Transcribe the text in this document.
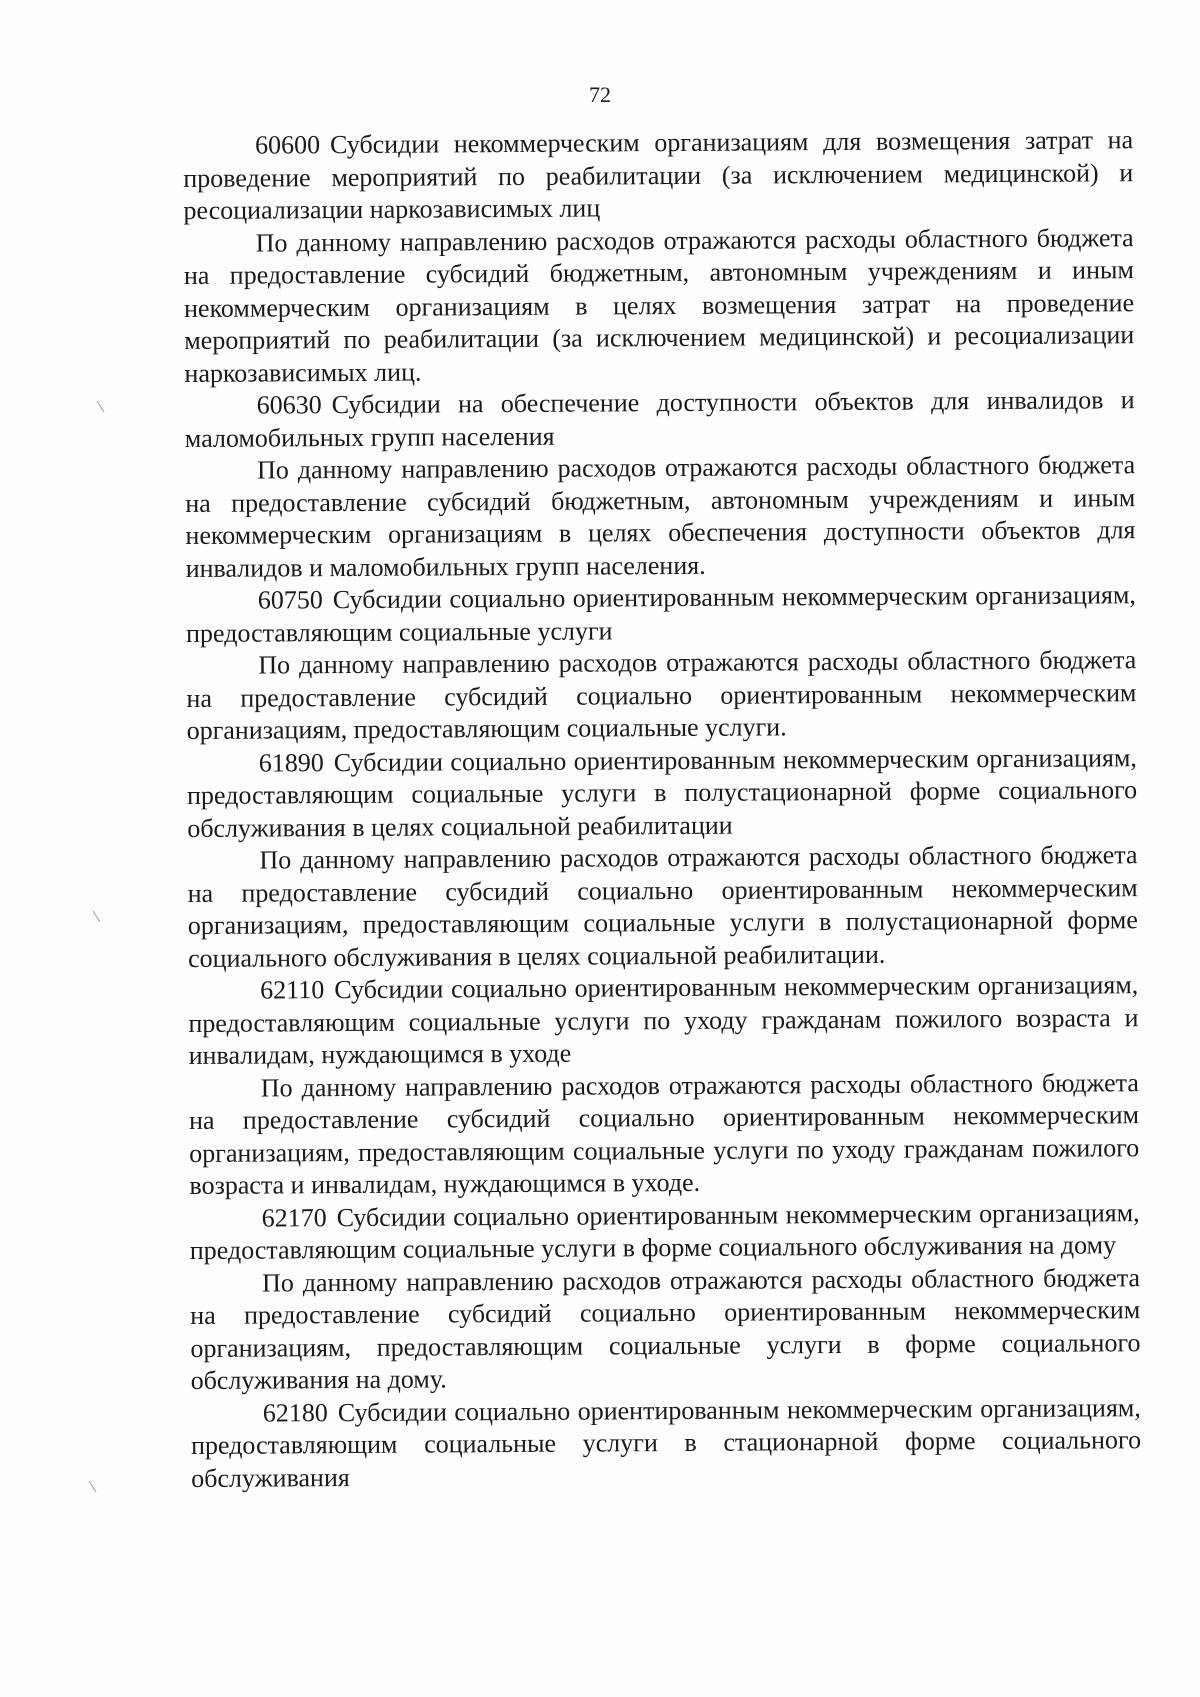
72

60600 Субсидии некоммерческим организациям для возмещения затрат на проведение мероприятий по реабилитации (за исключением медицинской) и ресоциализации наркозависимых лиц

По данному направлению расходов отражаются расходы областного бюджета на предоставление субсидий бюджетным, автономным учреждениям и иным некоммерческим организациям в целях возмещения затрат на проведение мероприятий по реабилитации (за исключением медицинской) и ресоциализации наркозависимых лиц.

60630 Субсидии на обеспечение доступности объектов для инвалидов и маломобильных групп населения

По данному направлению расходов отражаются расходы областного бюджета на предоставление субсидий бюджетным, автономным учреждениям и иным некоммерческим организациям в целях обеспечения доступности объектов для инвалидов и маломобильных групп населения.

60750 Субсидии социально ориентированным некоммерческим организациям, предоставляющим социальные услуги

По данному направлению расходов отражаются расходы областного бюджета на предоставление субсидий социально ориентированным некоммерческим организациям, предоставляющим социальные услуги.

61890 Субсидии социально ориентированным некоммерческим организациям, предоставляющим социальные услуги в полустационарной форме социального обслуживания в целях социальной реабилитации

По данному направлению расходов отражаются расходы областного бюджета на предоставление субсидий социально ориентированным некоммерческим организациям, предоставляющим социальные услуги в полустационарной форме социального обслуживания в целях социальной реабилитации.

62110 Субсидии социально ориентированным некоммерческим организациям, предоставляющим социальные услуги по уходу гражданам пожилого возраста и инвалидам, нуждающимся в уходе

По данному направлению расходов отражаются расходы областного бюджета на предоставление субсидий социально ориентированным некоммерческим организациям, предоставляющим социальные услуги по уходу гражданам пожилого возраста и инвалидам, нуждающимся в уходе.

62170 Субсидии социально ориентированным некоммерческим организациям, предоставляющим социальные услуги в форме социального обслуживания на дому

По данному направлению расходов отражаются расходы областного бюджета на предоставление субсидий социально ориентированным некоммерческим организациям, предоставляющим социальные услуги в форме социального обслуживания на дому.

62180 Субсидии социально ориентированным некоммерческим организациям, предоставляющим социальные услуги в стационарной форме социального обслуживания
